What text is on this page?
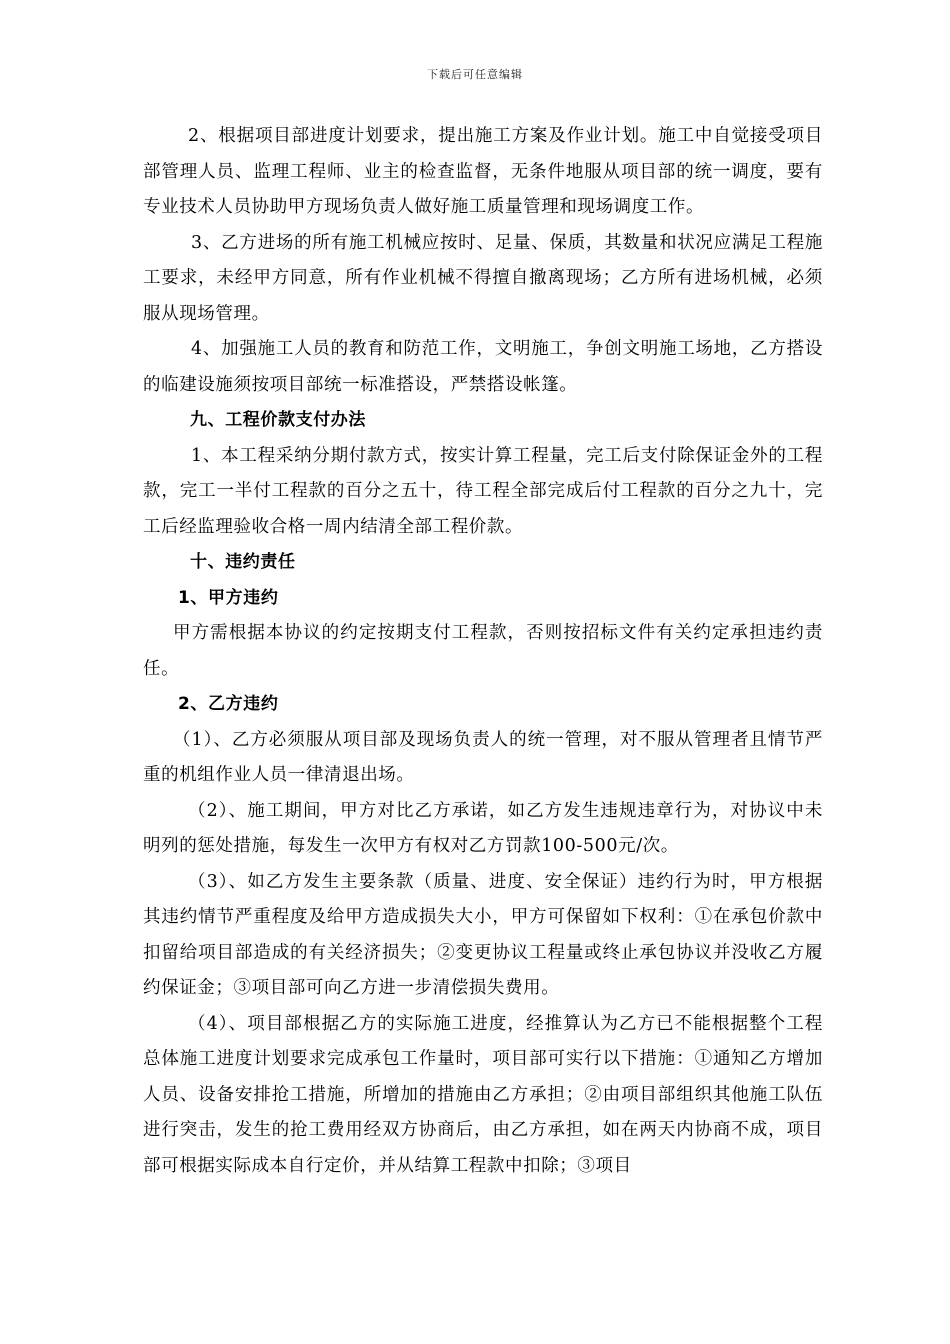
下载后可任意编辑

2、根据项目部进度计划要求，提出施工方案及作业计划。施工中自觉接受项目部管理人员、监理工程师、业主的检查监督，无条件地服从项目部的统一调度，要有专业技术人员协助甲方现场负责人做好施工质量管理和现场调度工作。

3、乙方进场的所有施工机械应按时、足量、保质，其数量和状况应满足工程施工要求，未经甲方同意，所有作业机械不得擅自撤离现场；乙方所有进场机械，必须服从现场管理。

4、加强施工人员的教育和防范工作，文明施工，争创文明施工场地，乙方搭设的临建设施须按项目部统一标准搭设，严禁搭设帐篷。

九、工程价款支付办法

1、本工程采纳分期付款方式，按实计算工程量，完工后支付除保证金外的工程款，完工一半付工程款的百分之五十，待工程全部完成后付工程款的百分之九十，完工后经监理验收合格一周内结清全部工程价款。

十、违约责任

1、甲方违约

甲方需根据本协议的约定按期支付工程款，否则按招标文件有关约定承担违约责任。

2、乙方违约

（1）、乙方必须服从项目部及现场负责人的统一管理，对不服从管理者且情节严重的机组作业人员一律清退出场。

（2）、施工期间，甲方对比乙方承诺，如乙方发生违规违章行为，对协议中未明列的惩处措施，每发生一次甲方有权对乙方罚款100-500元/次。

（3）、如乙方发生主要条款（质量、进度、安全保证）违约行为时，甲方根据其违约情节严重程度及给甲方造成损失大小，甲方可保留如下权利：①在承包价款中扣留给项目部造成的有关经济损失；②变更协议工程量或终止承包协议并没收乙方履约保证金；③项目部可向乙方进一步清偿损失费用。

（4）、项目部根据乙方的实际施工进度，经推算认为乙方已不能根据整个工程总体施工进度计划要求完成承包工作量时，项目部可实行以下措施：①通知乙方增加人员、设备安排抢工措施，所增加的措施由乙方承担；②由项目部组织其他施工队伍进行突击，发生的抢工费用经双方协商后，由乙方承担，如在两天内协商不成，项目部可根据实际成本自行定价，并从结算工程款中扣除；③项目
